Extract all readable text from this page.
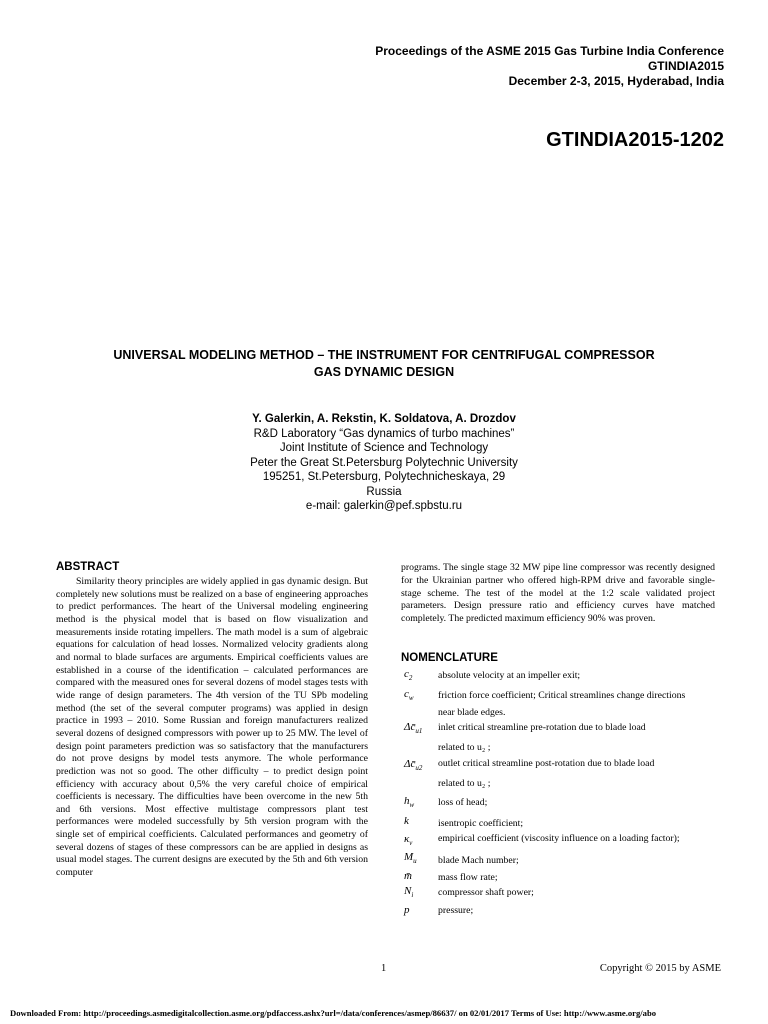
Proceedings of the ASME 2015 Gas Turbine India Conference
GTINDIA2015
December 2-3, 2015, Hyderabad, India
GTINDIA2015-1202
UNIVERSAL MODELING METHOD – THE INSTRUMENT FOR CENTRIFUGAL COMPRESSOR
GAS DYNAMIC DESIGN
Y. Galerkin, A. Rekstin, K. Soldatova, A. Drozdov
R&D Laboratory “Gas dynamics of turbo machines”
Joint Institute of Science and Technology
Peter the Great St.Petersburg Polytechnic University
195251, St.Petersburg, Polytechnicheskaya, 29
Russia
e-mail: galerkin@pef.spbstu.ru
ABSTRACT

Similarity theory principles are widely applied in gas dynamic design. But completely new solutions must be realized on a base of engineering approaches to predict performances. The heart of the Universal modeling engineering method is the physical model that is based on flow visualization and measurements inside rotating impellers. The math model is a sum of algebraic equations for calculation of head losses. Normalized velocity gradients along and normal to blade surfaces are arguments. Empirical coefficients values are established in a course of the identification – calculated performances are compared with the measured ones for several dozens of model stages tests with wide range of design parameters. The 4th version of the TU SPb modeling method (the set of the several computer programs) was applied in design practice in 1993 – 2010. Some Russian and foreign manufacturers realized several dozens of designed compressors with power up to 25 MW. The level of design point parameters prediction was so satisfactory that the manufacturers do not prove designs by model tests anymore. The whole performance prediction was not so good. The other difficulty – to predict design point efficiency with accuracy about 0,5% the very careful choice of empirical coefficients is necessary. The difficulties have been overcome in the new 5th and 6th versions. Most effective multistage compressors plant test performances were modeled successfully by 5th version program with the single set of empirical coefficients. Calculated performances and geometry of several dozens of stages of these compressors can be are applied in designs as usual model stages. The current designs are executed by the 5th and 6th version computer

programs. The single stage 32 MW pipe line compressor was recently designed for the Ukrainian partner who offered high-RPM drive and favorable single-stage scheme. The test of the model at the 1:2 scale validated project parameters. Design pressure ratio and efficiency curves have matched completely. The predicted maximum efficiency 90% was proven.

NOMENCLATURE
$c_2$	absolute velocity at an impeller exit;
$c_w$	friction force coefficient; Critical streamlines change directions
near blade edges.
$\Delta c̄_{u1}$ inlet critical streamline pre-rotation due to blade load
related to u₂ ;
$\Delta c̄_{u2}$ outlet critical streamline post-rotation due to blade load
related to u₂ ;
$h_w$ loss of head;
k	isentropic coefficient;
$\kappa_\nu$	empirical coefficient (viscosity influence on a loading factor);
$M_u$ blade Mach number;
m̄	mass flow rate;
$N_i$	compressor shaft power;
p	pressure;
1	Copyright © 2015 by ASME
Downloaded From: http://proceedings.asmedigitalcollection.asme.org/pdfaccess.ashx?url=/data/conferences/asmep/86637/ on 02/01/2017 Terms of Use: http://www.asme.org/abo
